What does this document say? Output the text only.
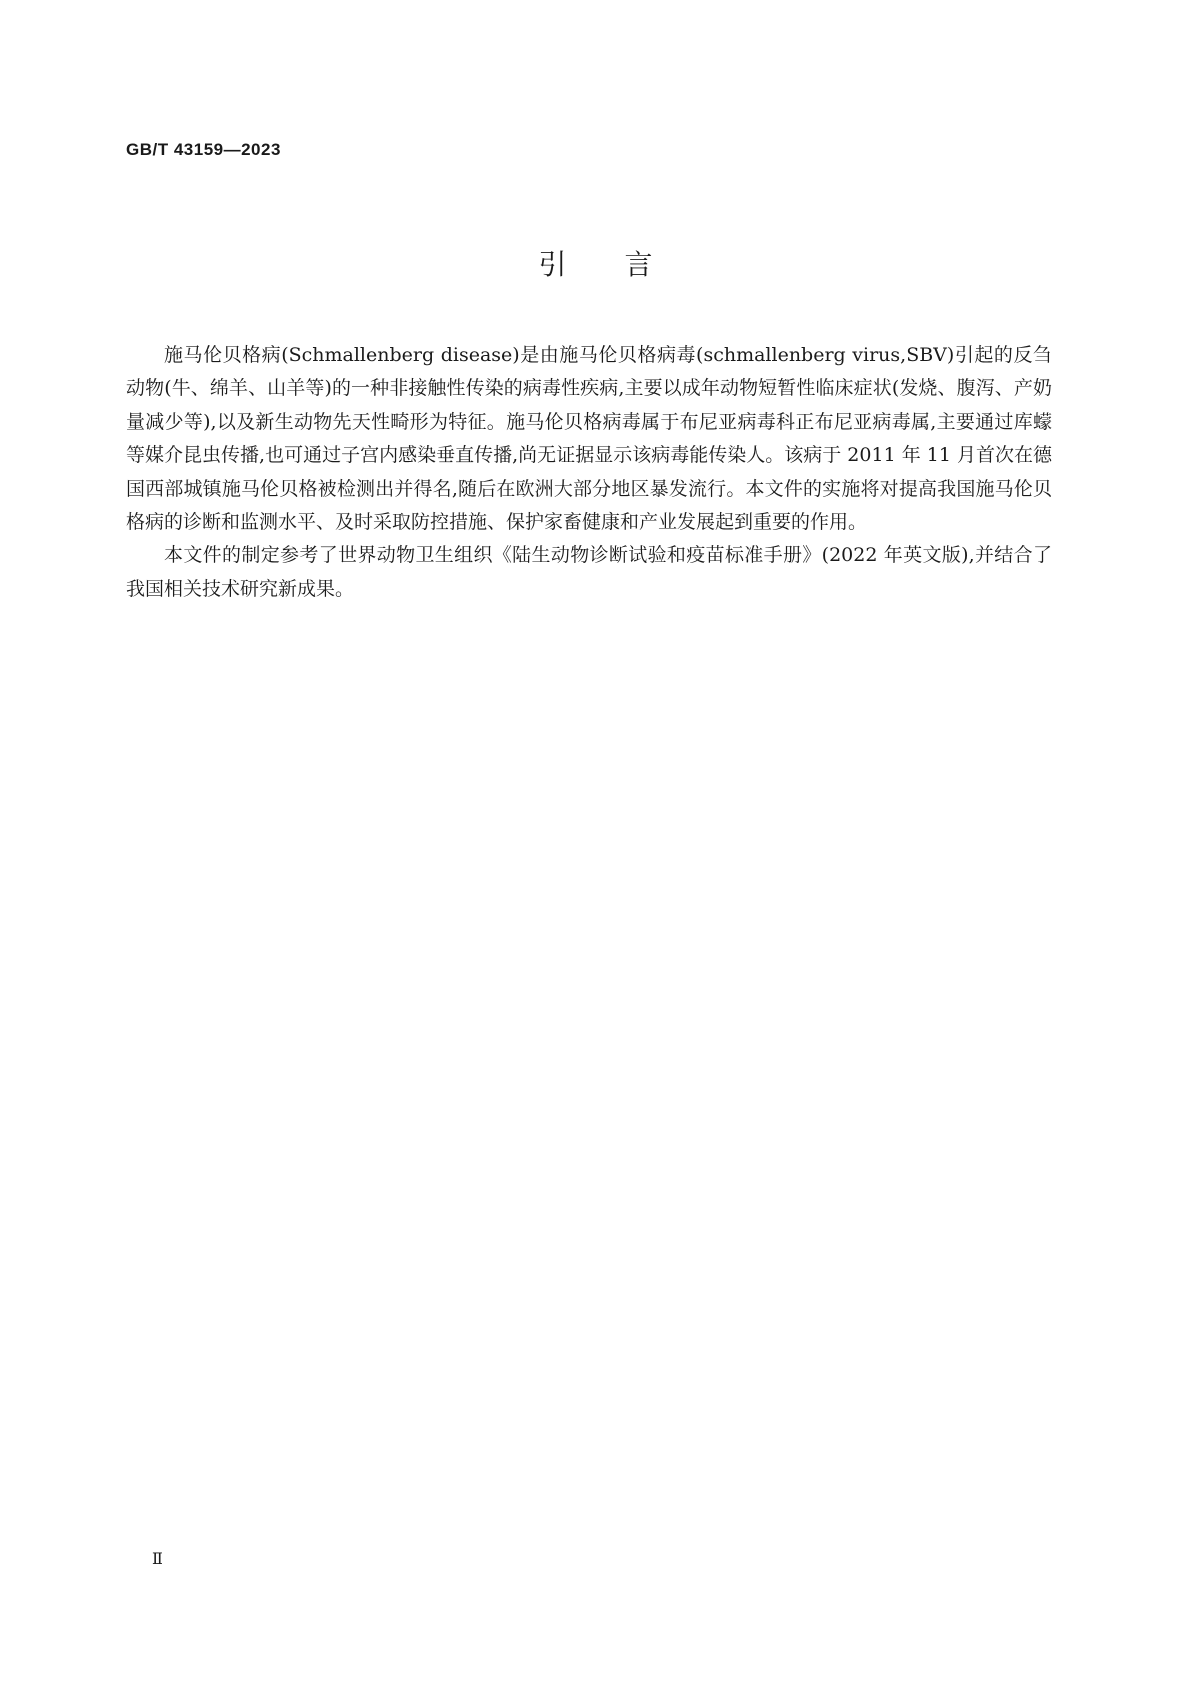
GB/T 43159—2023
引 言

施马伦贝格病(Schmallenberg disease)是由施马伦贝格病毒(schmallenberg virus,SBV)引起的反刍动物(牛、绵羊、山羊等)的一种非接触性传染的病毒性疾病,主要以成年动物短暂性临床症状(发烧、腹泻、产奶量减少等),以及新生动物先天性畸形为特征。施马伦贝格病毒属于布尼亚病毒科正布尼亚病毒属,主要通过库蠓等媒介昆虫传播,也可通过子宫内感染垂直传播,尚无证据显示该病毒能传染人。该病于 2011 年 11 月首次在德国西部城镇施马伦贝格被检测出并得名,随后在欧洲大部分地区暴发流行。本文件的实施将对提高我国施马伦贝格病的诊断和监测水平、及时采取防控措施、保护家畜健康和产业发展起到重要的作用。

本文件的制定参考了世界动物卫生组织《陆生动物诊断试验和疫苗标准手册》(2022 年英文版),并结合了我国相关技术研究新成果。

Ⅱ
